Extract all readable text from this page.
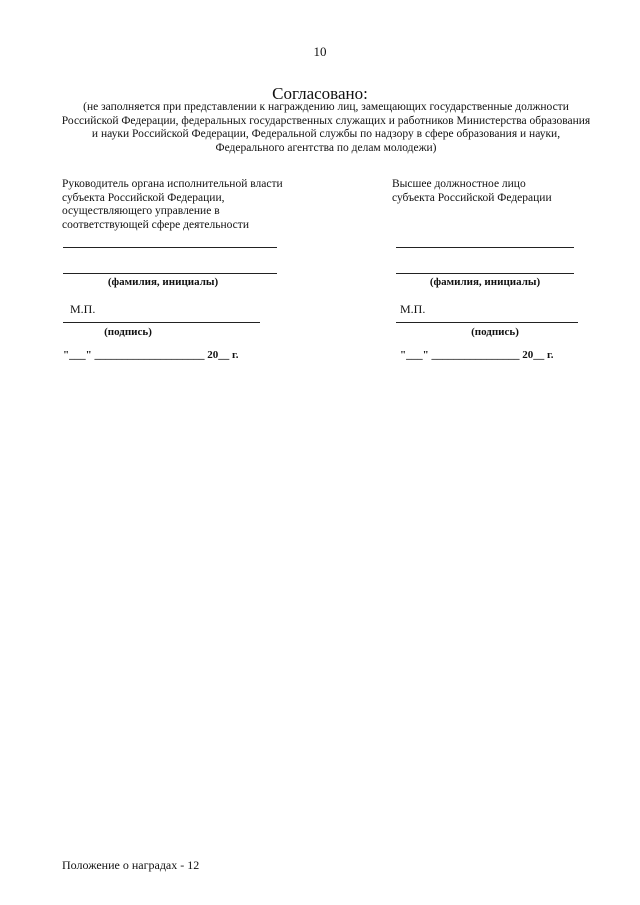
10
Согласовано:
(не заполняется при представлении к награждению лиц, замещающих государственные должности Российской Федерации, федеральных государственных служащих и работников Министерства образования и науки Российской Федерации, Федеральной службы по надзору в сфере образования и науки, Федерального агентства по делам молодежи)
Руководитель органа исполнительной власти
субъекта Российской Федерации,
осуществляющего управление в
соответствующей сфере деятельности
(фамилия, инициалы)
М.П.
(подпись)
"___" ____________________ 20__ г.
Высшее должностное лицо
субъекта Российской Федерации
(фамилия, инициалы)
М.П.
(подпись)
"___" ________________ 20__ г.
Положение о наградах - 12
